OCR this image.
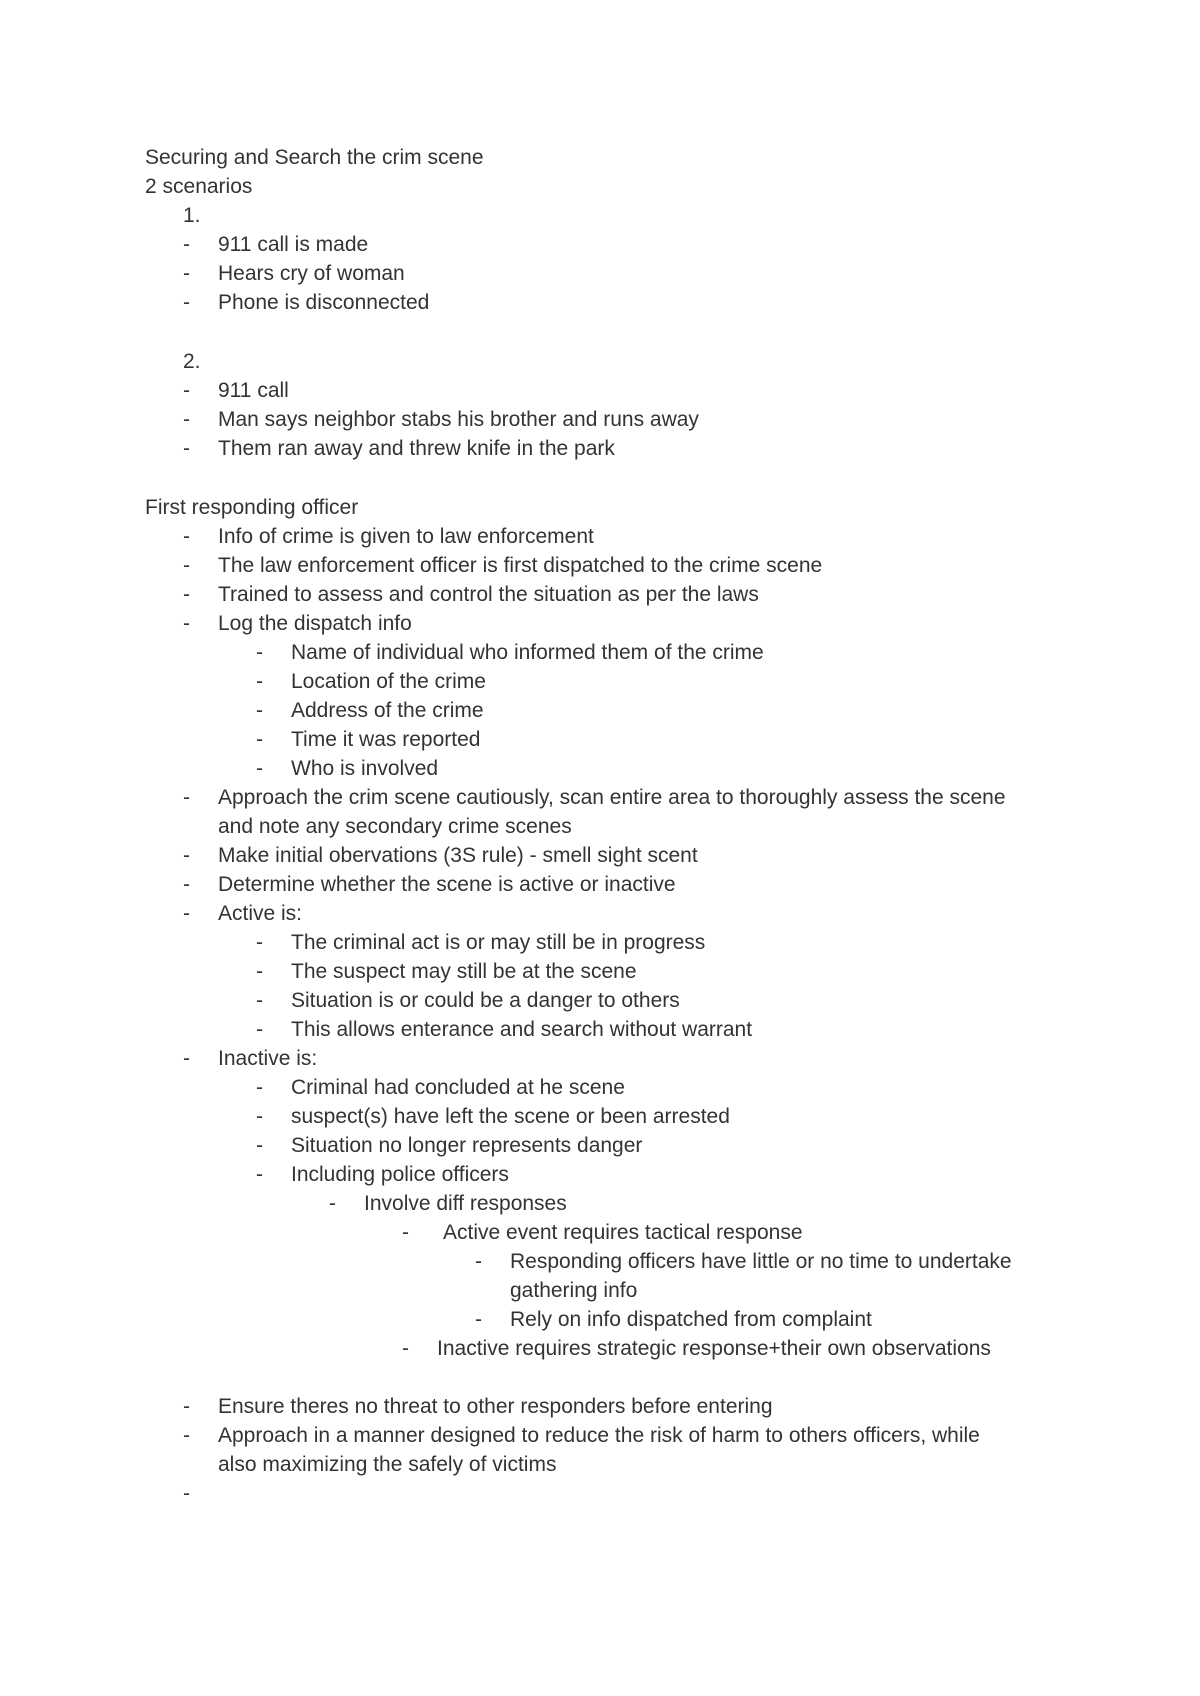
Securing and Search the crim scene
2 scenarios
1.
- 911 call is made
- Hears cry of woman
- Phone is disconnected
2.
- 911 call
- Man says neighbor stabs his brother and runs away
- Them ran away and threw knife in the park
First responding officer
- Info of crime is given to law enforcement
- The law enforcement officer is first dispatched to the crime scene
- Trained to assess and control the situation as per the laws
- Log the dispatch info
- Name of individual who informed them of the crime
- Location of the crime
- Address of the crime
- Time it was reported
- Who is involved
- Approach the crim scene cautiously, scan entire area to thoroughly assess the scene
and note any secondary crime scenes
- Make initial obervations (3S rule) - smell sight scent
- Determine whether the scene is active or inactive
- Active is:
- The criminal act is or may still be in progress
- The suspect may still be at the scene
- Situation is or could be a danger to others
- This allows enterance and search without warrant
- Inactive is:
- Criminal had concluded at he scene
- suspect(s) have left the scene or been arrested
- Situation no longer represents danger
- Including police officers
- Involve diff responses
- Active event requires tactical response
- Responding officers have little or no time to undertake
gathering info
- Rely on info dispatched from complaint
- Inactive requires strategic response+their own observations
- Ensure theres no threat to other responders before entering
- Approach in a manner designed to reduce the risk of harm to others officers, while
also maximizing the safely of victims
-
